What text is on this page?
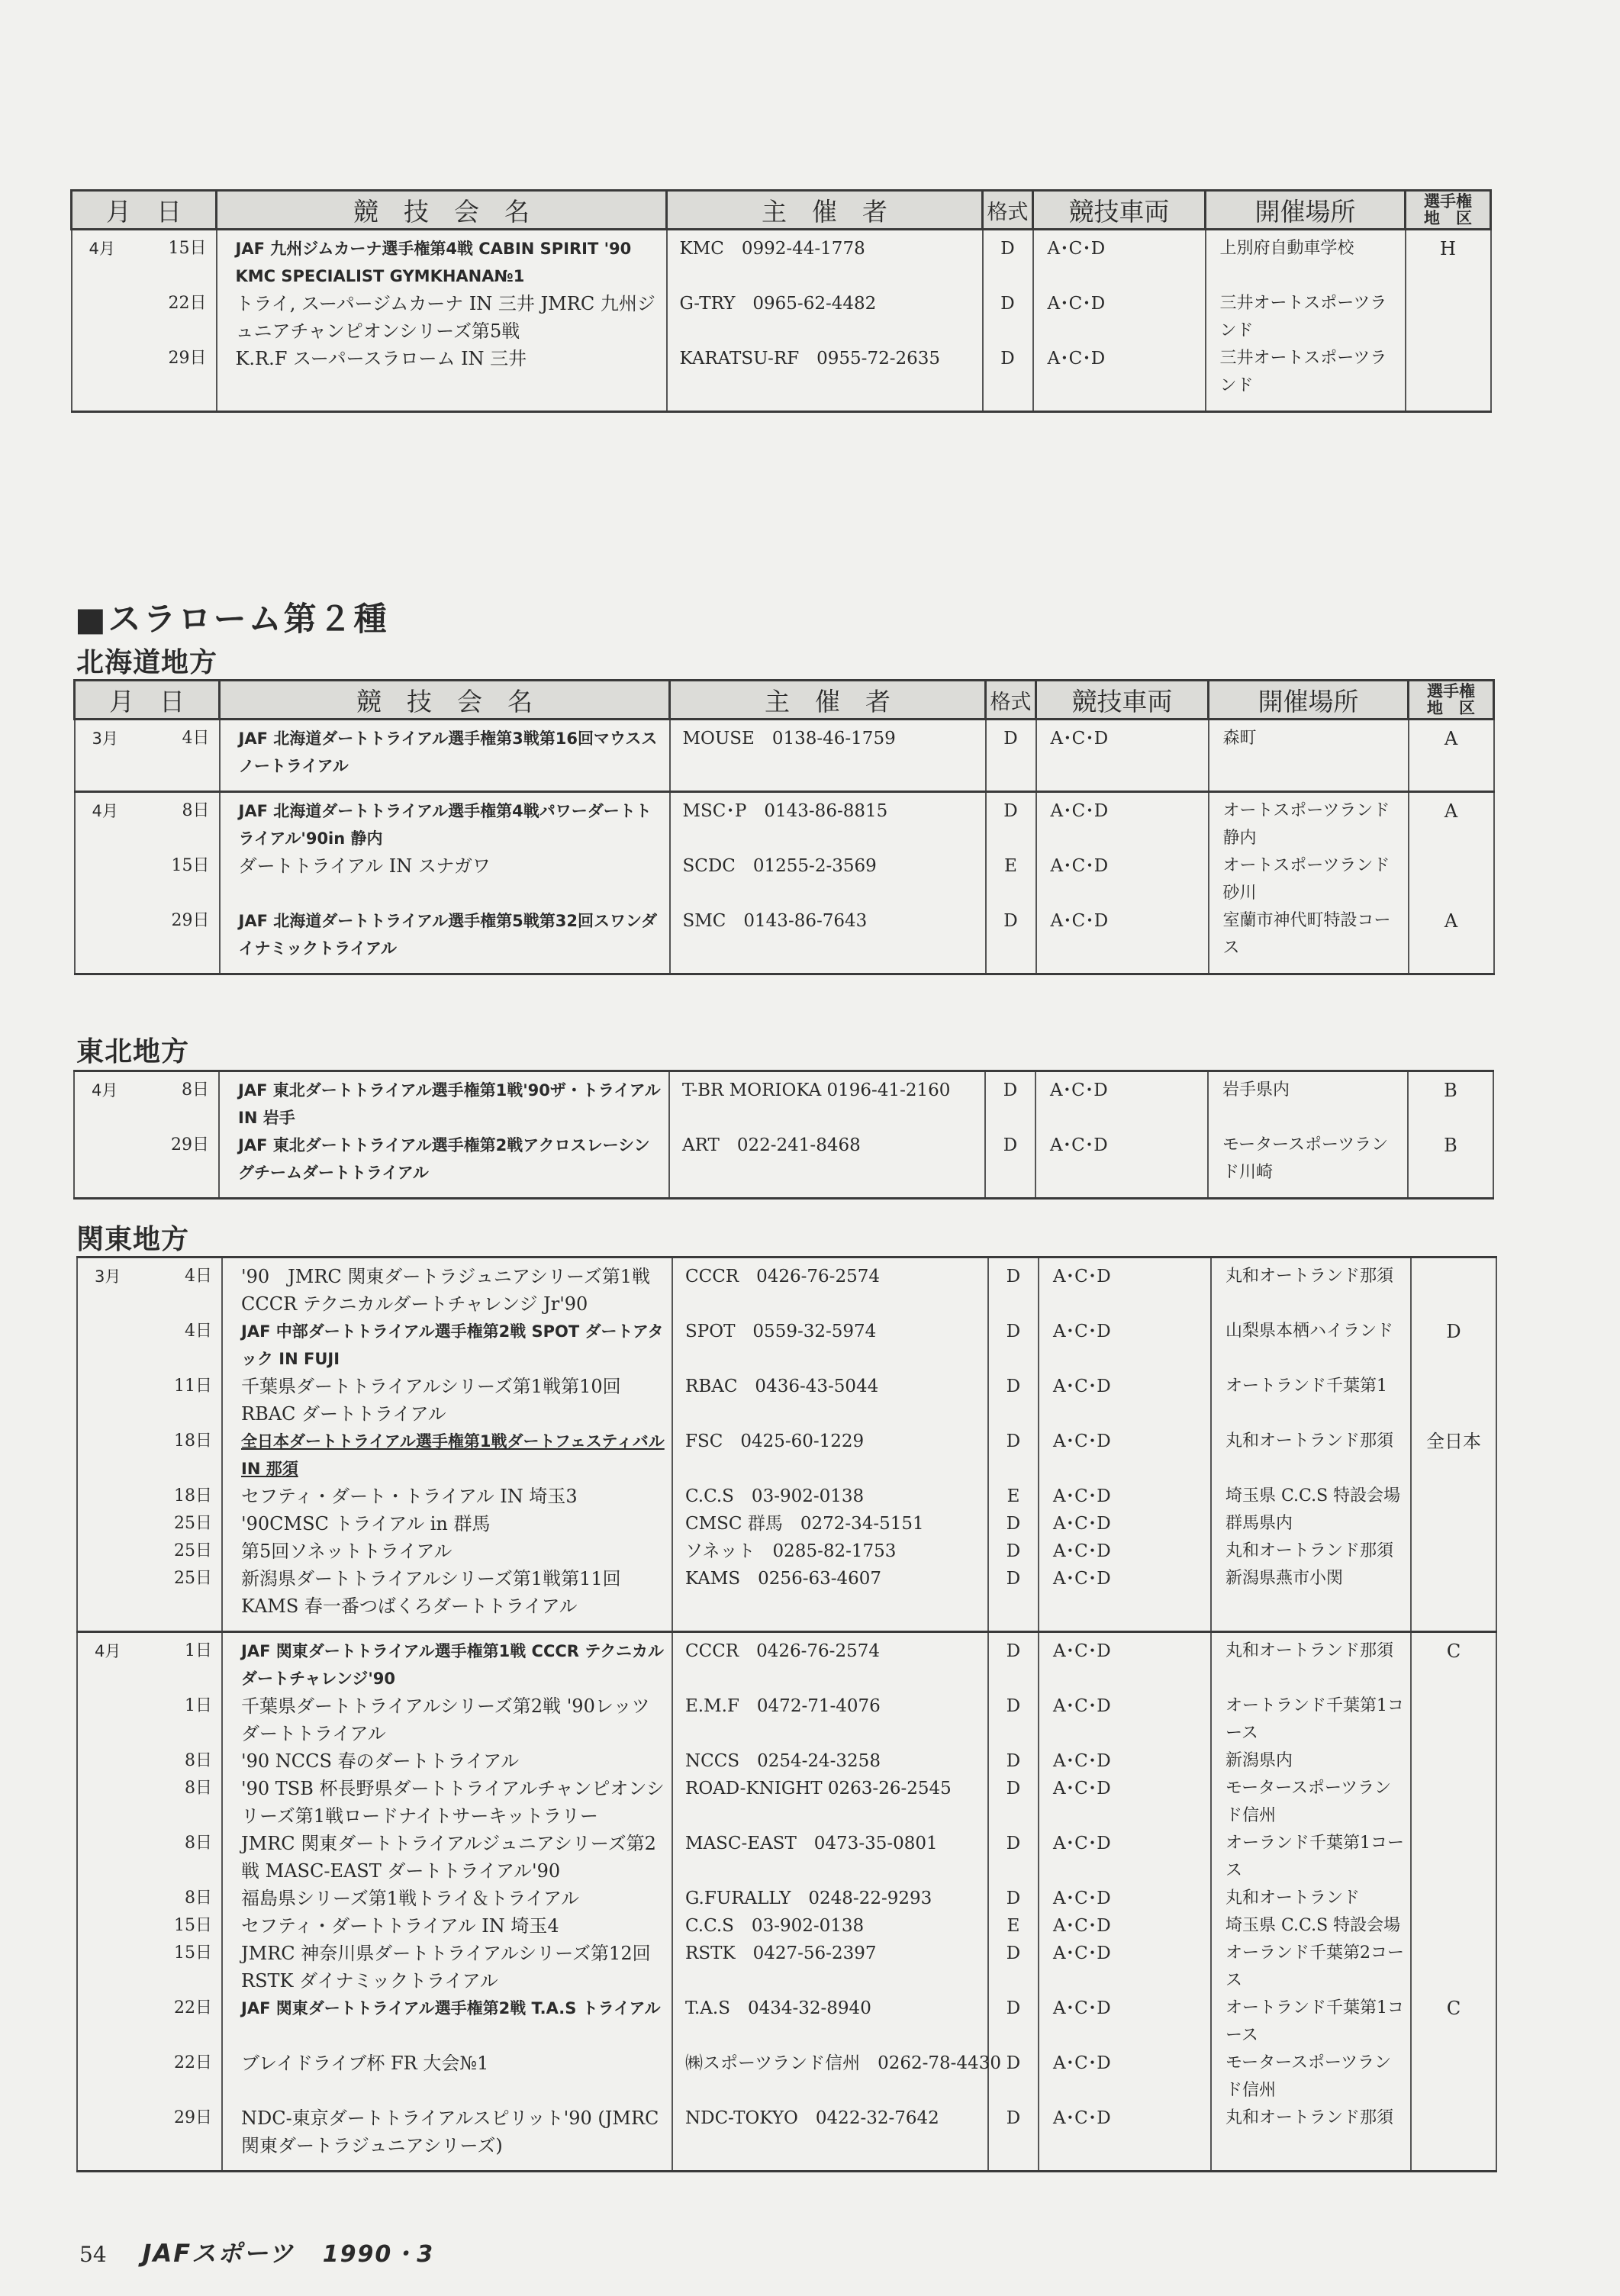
月　日	競　技　会　名	主　催　者	格式	競技車両	開催場所	選手権
地　区

4月 15日	JAF 九州ジムカーナ選手権第4戦 CABIN SPIRIT '90 KMC SPECIALIST GYMKHANA№1	KMC　0992-44-1778	D	A･C･D	上別府自動車学校	H

22日	トライ, スーパージムカーナ IN 三井 JMRC 九州ジュニアチャンピオンシリーズ第5戦	G-TRY　0965-62-4482	D	A･C･D	三井オートスポーツランド	

29日	K.R.F スーパースラローム IN 三井	KARATSU-RF　0955-72-2635	D	A･C･D	三井オートスポーツランド	
■スラローム第２種
北海道地方
月　日	競　技　会　名	主　催　者	格式	競技車両	開催場所	選手権
地　区

3月 4日	JAF 北海道ダートトライアル選手権第3戦第16回マウススノートライアル	MOUSE　0138-46-1759	D	A･C･D	森町	A

4月 8日	JAF 北海道ダートトライアル選手権第4戦パワーダートトライアル'90in 静内	MSC･P　0143-86-8815	D	A･C･D	オートスポーツランド静内	A

15日	ダートトライアル IN スナガワ	SCDC　01255-2-3569	E	A･C･D	オートスポーツランド砂川	

29日	JAF 北海道ダートトライアル選手権第5戦第32回スワンダイナミックトライアル	SMC　0143-86-7643	D	A･C･D	室蘭市神代町特設コース	A
東北地方
4月 8日	JAF 東北ダートトライアル選手権第1戦'90ザ・トライアル IN 岩手	T-BR MORIOKA 0196-41-2160	D	A･C･D	岩手県内	B

29日	JAF 東北ダートトライアル選手権第2戦アクロスレーシングチームダートトライアル	ART　022-241-8468	D	A･C･D	モータースポーツランド川崎	B
関東地方
3月 4日	'90　JMRC 関東ダートラジュニアシリーズ第1戦 CCCR テクニカルダートチャレンジ Jr'90	CCCR　0426-76-2574	D	A･C･D	丸和オートランド那須	

4日	JAF 中部ダートトライアル選手権第2戦 SPOT ダートアタック IN FUJI	SPOT　0559-32-5974	D	A･C･D	山梨県本栖ハイランド	D

11日	千葉県ダートトライアルシリーズ第1戦第10回 RBAC ダートトライアル	RBAC　0436-43-5044	D	A･C･D	オートランド千葉第1	

18日	全日本ダートトライアル選手権第1戦ダートフェスティバル IN 那須	FSC　0425-60-1229	D	A･C･D	丸和オートランド那須	全日本

18日	セフティ・ダート・トライアル IN 埼玉3	C.C.S　03-902-0138	E	A･C･D	埼玉県 C.C.S 特設会場	

25日	'90CMSC トライアル in 群馬	CMSC 群馬　0272-34-5151	D	A･C･D	群馬県内	

25日	第5回ソネットトライアル	ソネット　0285-82-1753	D	A･C･D	丸和オートランド那須	

25日	新潟県ダートトライアルシリーズ第1戦第11回 KAMS 春一番つばくろダートトライアル	KAMS　0256-63-4607	D	A･C･D	新潟県燕市小関	

4月 1日	JAF 関東ダートトライアル選手権第1戦 CCCR テクニカルダートチャレンジ'90	CCCR　0426-76-2574	D	A･C･D	丸和オートランド那須	C

1日	千葉県ダートトライアルシリーズ第2戦 '90レッツダートトライアル	E.M.F　0472-71-4076	D	A･C･D	オートランド千葉第1コース	

8日	'90 NCCS 春のダートトライアル	NCCS　0254-24-3258	D	A･C･D	新潟県内	

8日	'90 TSB 杯長野県ダートトライアルチャンピオンシリーズ第1戦ロードナイトサーキットラリー	ROAD-KNIGHT 0263-26-2545	D	A･C･D	モータースポーツランド信州	

8日	JMRC 関東ダートトライアルジュニアシリーズ第2戦 MASC-EAST ダートトライアル'90	MASC-EAST　0473-35-0801	D	A･C･D	オーランド千葉第1コース	

8日	福島県シリーズ第1戦トライ＆トライアル	G.FURALLY　0248-22-9293	D	A･C･D	丸和オートランド	

15日	セフティ・ダートトライアル IN 埼玉4	C.C.S　03-902-0138	E	A･C･D	埼玉県 C.C.S 特設会場	

15日	JMRC 神奈川県ダートトライアルシリーズ第12回 RSTK ダイナミックトライアル	RSTK　0427-56-2397	D	A･C･D	オーランド千葉第2コース	

22日	JAF 関東ダートトライアル選手権第2戦 T.A.S トライアル	T.A.S　0434-32-8940	D	A･C･D	オートランド千葉第1コース	C

22日	ブレイドライブ杯 FR 大会№1	㈱スポーツランド信州　0262-78-4430	D	A･C･D	モータースポーツランド信州	

29日	NDC-東京ダートトライアルスピリット'90 (JMRC 関東ダートラジュニアシリーズ)	NDC-TOKYO　0422-32-7642	D	A･C･D	丸和オートランド那須	
54 JAFスポーツ 1990・3
